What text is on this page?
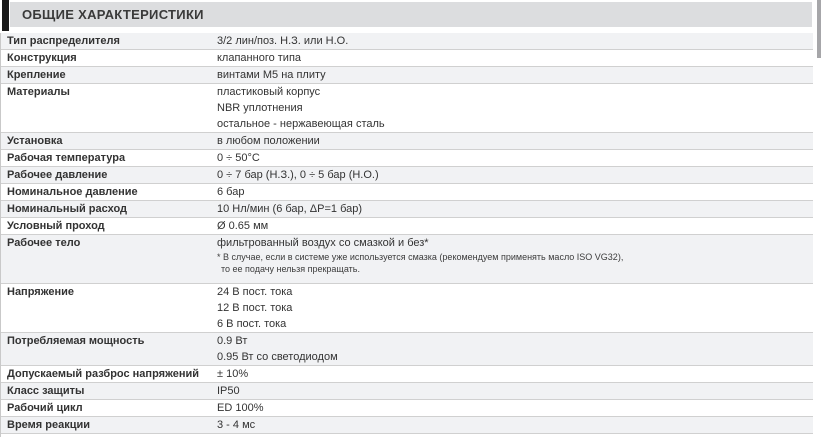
ОБЩИЕ ХАРАКТЕРИСТИКИ
Тип распределителя	3/2 лин/поз. Н.З. или Н.О.
Конструкция	клапанного типа
Крепление	винтами М5 на плиту
Материалы	пластиковый корпус
NBR уплотнения
остальное - нержавеющая сталь
Установка	в любом положении
Рабочая температура	0 ÷ 50°C
Рабочее давление	0 ÷ 7 бар (Н.З.), 0 ÷ 5 бар (Н.О.)
Номинальное давление	6 бар
Номинальный расход	10 Нл/мин (6 бар, ΔP=1 бар)
Условный проход	Ø 0.65 мм
Рабочее тело	фильтрованный воздух со смазкой и без*
* В случае, если в системе уже используется смазка (рекомендуем применять масло ISO VG32),
то ее подачу нельзя прекращать.
Напряжение	24 В пост. тока
12 В пост. тока
6 В пост. тока
Потребляемая мощность	0.9 Вт
0.95 Вт со светодиодом
Допускаемый разброс напряжений	± 10%
Класс защиты	IP50
Рабочий цикл	ED 100%
Время реакции	3 - 4 мс
